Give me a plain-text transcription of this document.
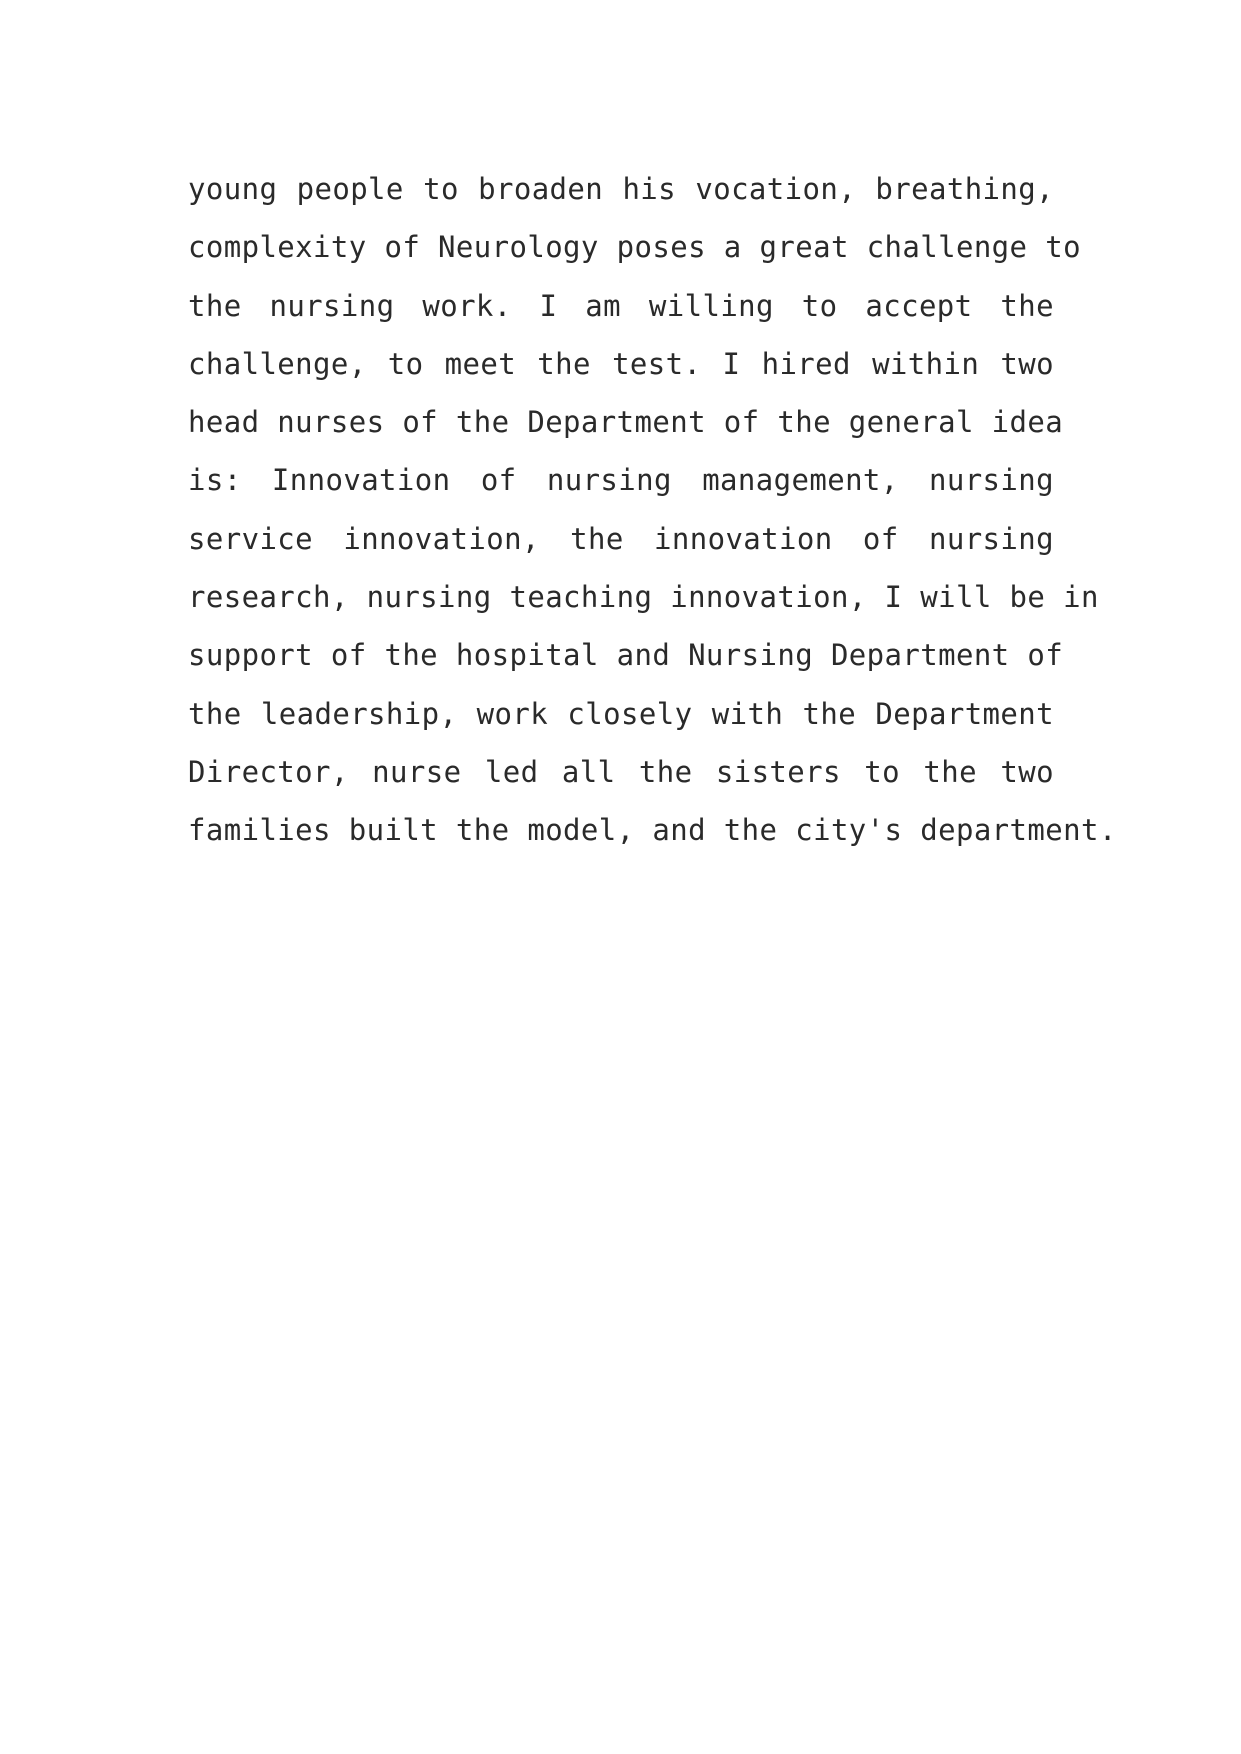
young people to broaden his vocation, breathing,
complexity of Neurology poses a great challenge to
the nursing work. I am willing to accept the
challenge, to meet the test. I hired within two
head nurses of the Department of the general idea
is: Innovation of nursing management, nursing
service innovation, the innovation of nursing
research, nursing teaching innovation, I will be in
support of the hospital and Nursing Department of
the leadership, work closely with the Department
Director, nurse led all the sisters to the two
families built the model, and the city's department.
